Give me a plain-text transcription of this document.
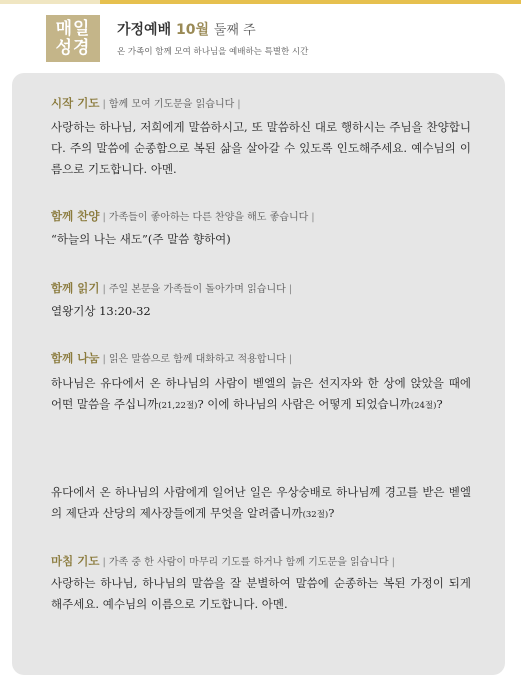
매일
성경
가정예배 10월 둘째 주
온 가족이 함께 모여 하나님을 예배하는 특별한 시간
시작 기도 | 함께 모여 기도문을 읽습니다 |
사랑하는 하나님, 저희에게 말씀하시고, 또 말씀하신 대로 행하시는 주님을 찬양합니다. 주의 말씀에 순종함으로 복된 삶을 살아갈 수 있도록 인도해주세요. 예수님의 이름으로 기도합니다. 아멘.
함께 찬양 | 가족들이 좋아하는 다른 찬양을 해도 좋습니다 |
“하늘의 나는 새도”(주 말씀 향하여)
함께 읽기 | 주일 본문을 가족들이 돌아가며 읽습니다 |
열왕기상 13:20-32
함께 나눔 | 읽은 말씀으로 함께 대화하고 적용합니다 |
하나님은 유다에서 온 하나님의 사람이 벧엘의 늙은 선지자와 한 상에 앉았을 때에 어떤 말씀을 주십니까(21,22절)? 이에 하나님의 사람은 어떻게 되었습니까(24절)?
유다에서 온 하나님의 사람에게 일어난 일은 우상숭배로 하나님께 경고를 받은 벧엘의 제단과 산당의 제사장들에게 무엇을 알려줍니까(32절)?
마침 기도 | 가족 중 한 사람이 마무리 기도를 하거나 함께 기도문을 읽습니다 |
사랑하는 하나님, 하나님의 말씀을 잘 분별하여 말씀에 순종하는 복된 가정이 되게 해주세요. 예수님의 이름으로 기도합니다. 아멘.
